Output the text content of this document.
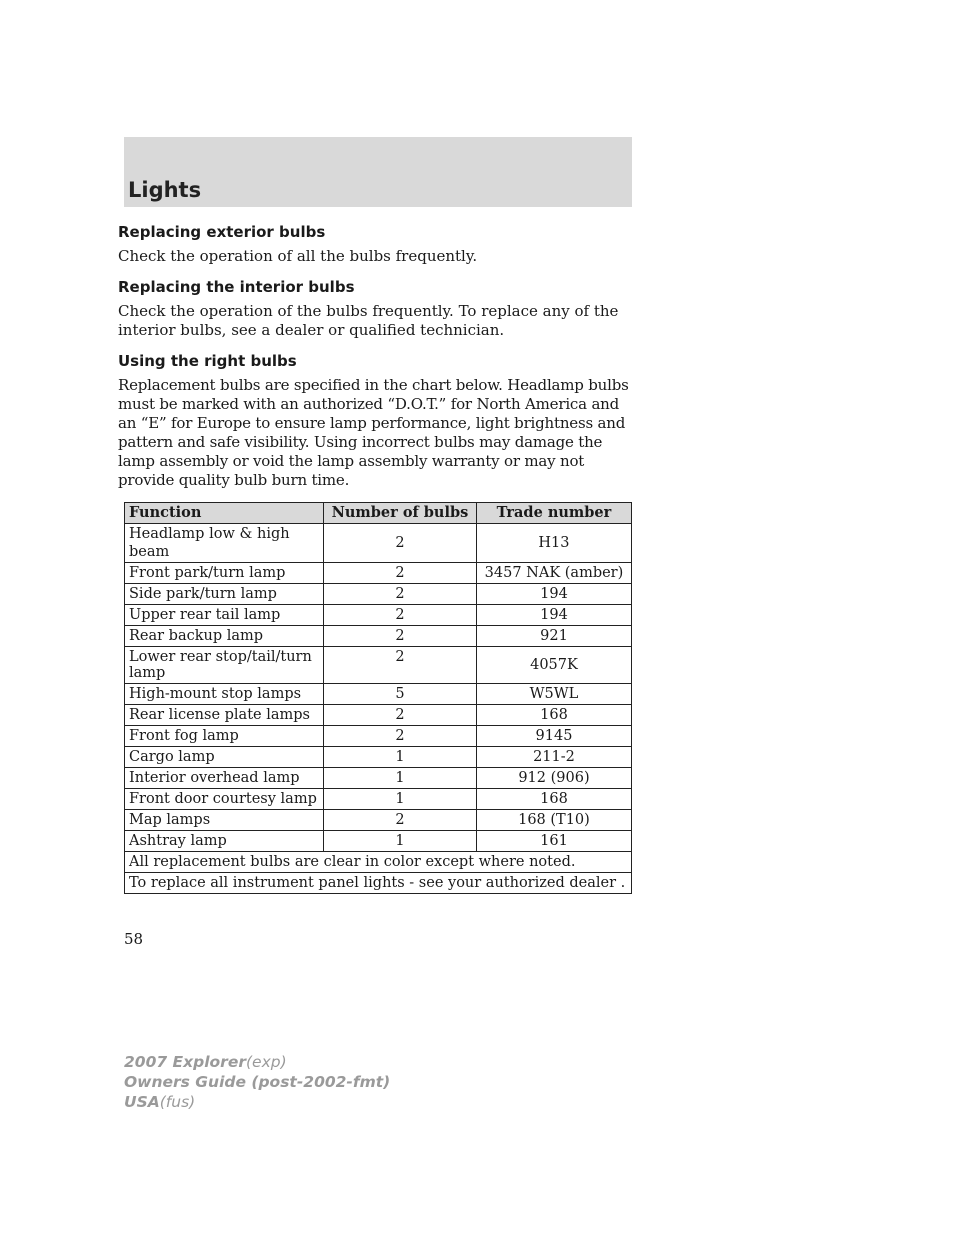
Lights
Replacing exterior bulbs

Check the operation of all the bulbs frequently.

Replacing the interior bulbs

Check the operation of the bulbs frequently. To replace any of the interior bulbs, see a dealer or qualified technician.

Using the right bulbs

Replacement bulbs are specified in the chart below. Headlamp bulbs must be marked with an authorized “D.O.T.” for North America and an “E” for Europe to ensure lamp performance, light brightness and pattern and safe visibility. Using incorrect bulbs may damage the lamp assembly or void the lamp assembly warranty or may not provide quality bulb burn time.

Function	Number of bulbs	Trade number
Headlamp low & high beam	2	H13
Front park/turn lamp	2	3457 NAK (amber)
Side park/turn lamp	2	194
Upper rear tail lamp	2	194
Rear backup lamp	2	921
Lower rear stop/tail/turn lamp	2	4057K
High-mount stop lamps	5	W5WL
Rear license plate lamps	2	168
Front fog lamp	2	9145
Cargo lamp	1	211-2
Interior overhead lamp	1	912 (906)
Front door courtesy lamp	1	168
Map lamps	2	168 (T10)
Ashtray lamp	1	161
All replacement bulbs are clear in color except where noted.		
To replace all instrument panel lights - see your authorized dealer .		
58
2007 Explorer(exp)
Owners Guide (post-2002-fmt)
USA(fus)
